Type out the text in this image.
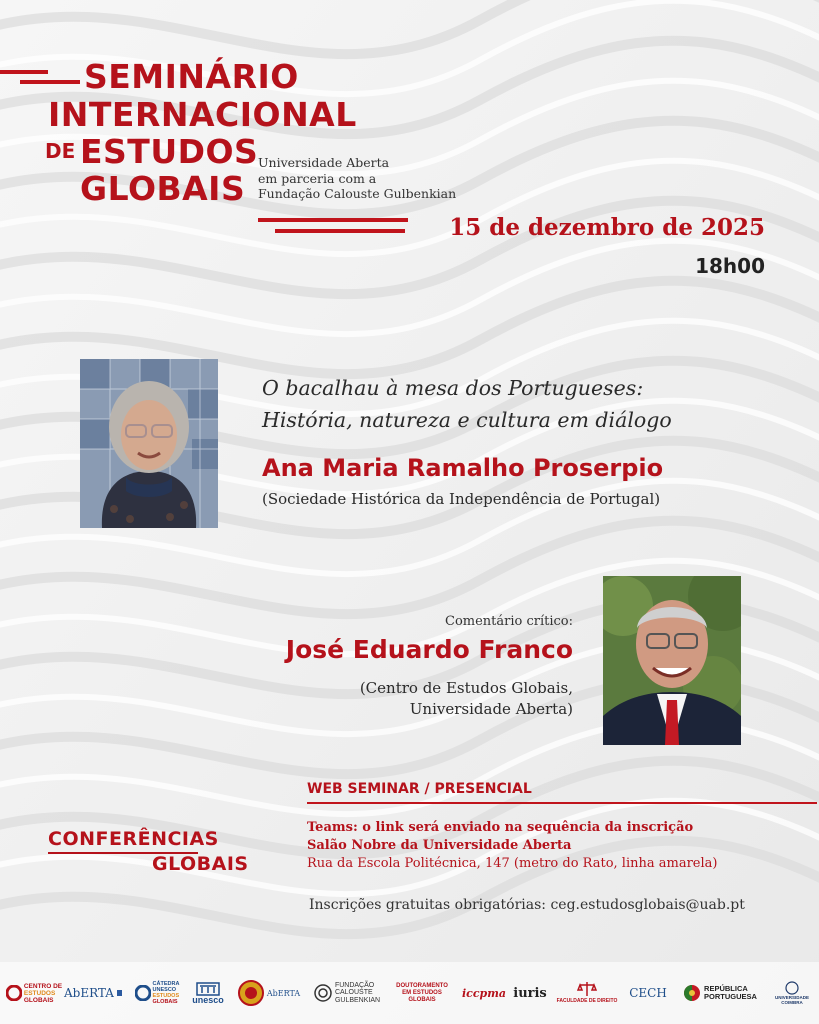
SEMINÁRIO
INTERNACIONAL
DE ESTUDOS
GLOBAIS
Universidade Aberta
em parceria com a
Fundação Calouste Gulbenkian
15 de dezembro de 2025
18h00
O bacalhau à mesa dos Portugueses:
História, natureza e cultura em diálogo
Ana Maria Ramalho Proserpio
(Sociedade Histórica da Independência de Portugal)
Comentário crítico:
José Eduardo Franco
(Centro de Estudos Globais,
Universidade Aberta)
WEB SEMINAR / PRESENCIAL
Teams: o link será enviado na sequência da inscrição
Salão Nobre da Universidade Aberta
Rua da Escola Politécnica, 147 (metro do Rato, linha amarela)
Inscrições gratuitas obrigatórias: ceg.estudosglobais@uab.pt
CONFERÊNCIAS
GLOBAIS
CENTRO DE
ESTUDOS
GLOBAIS
AbERTA
CÁTEDRA
UNESCO
ESTUDOS
GLOBAIS unesco
AbERTA
FUNDAÇÃO
CALOUSTE
GULBENKIAN
DOUTORAMENTO
EM ESTUDOS
GLOBAIS	iccpma iuris FACULDADE DE DIREITO
CECH	REPÚBLICA
PORTUGUESA	UNIVERSIDADE
COIMBRA
